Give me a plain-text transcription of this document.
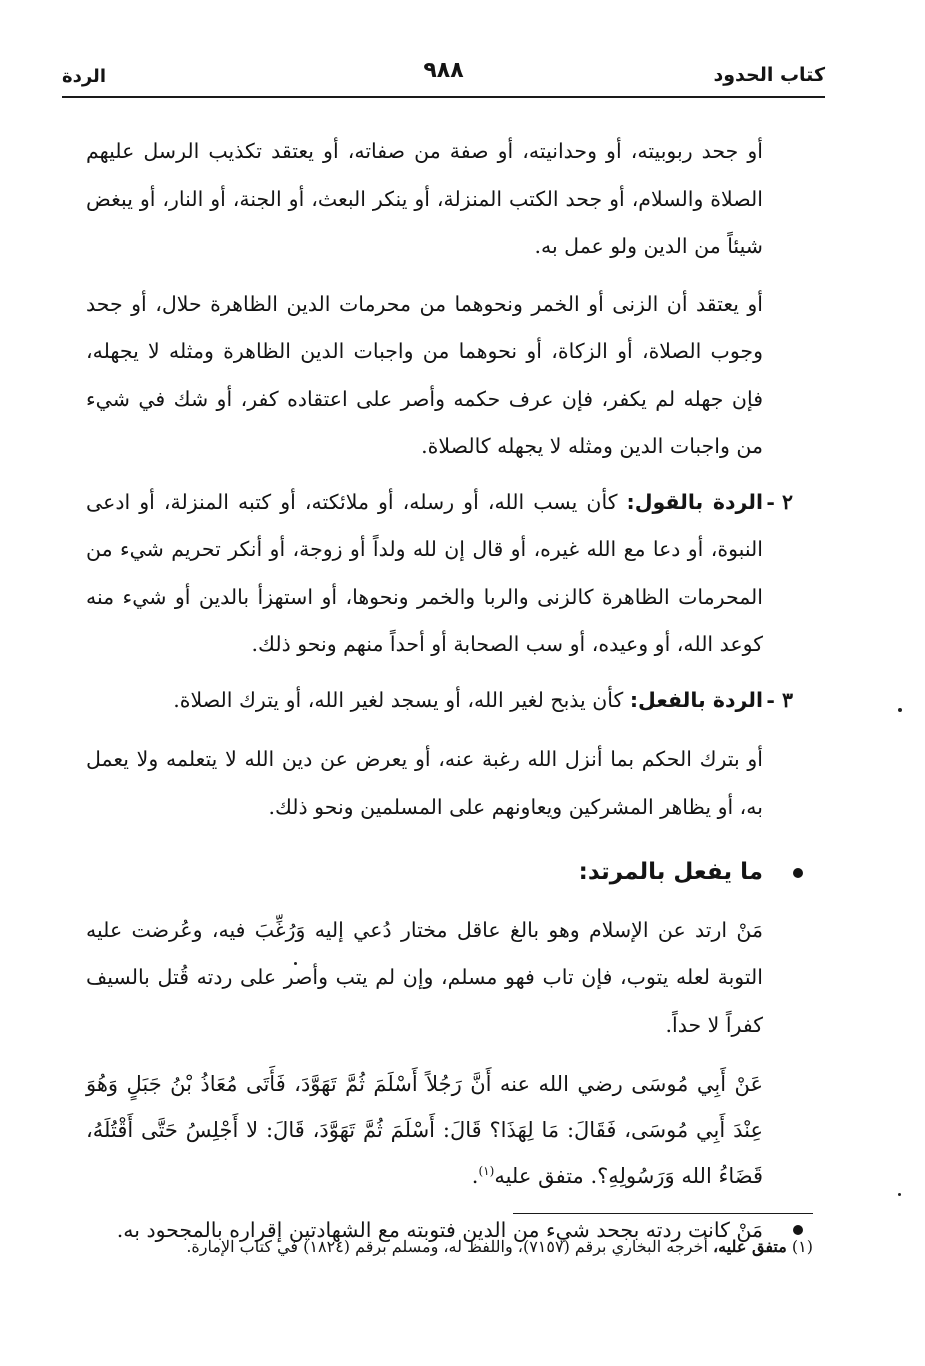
كتاب الحدود
٩٨٨
الردة

أو جحد ربوبيته، أو وحدانيته، أو صفة من صفاته، أو يعتقد تكذيب الرسل عليهم الصلاة والسلام، أو جحد الكتب المنزلة، أو ينكر البعث، أو الجنة، أو النار، أو يبغض شيئاً من الدين ولو عمل به.

أو يعتقد أن الزنى أو الخمر ونحوهما من محرمات الدين الظاهرة حلال، أو جحد وجوب الصلاة، أو الزكاة، أو نحوهما من واجبات الدين الظاهرة ومثله لا يجهله، فإن جهله لم يكفر، فإن عرف حكمه وأصر على اعتقاده كفر، أو شك في شيء من واجبات الدين ومثله لا يجهله كالصلاة.

٢ -
الردة بالقول: كأن يسب الله، أو رسله، أو ملائكته، أو كتبه المنزلة، أو ادعى النبوة، أو دعا مع الله غيره، أو قال إن لله ولداً أو زوجة، أو أنكر تحريم شيء من المحرمات الظاهرة كالزنى والربا والخمر ونحوها، أو استهزأ بالدين أو شيء منه كوعد الله، أو وعيده، أو سب الصحابة أو أحداً منهم ونحو ذلك.

٣ -
الردة بالفعل: كأن يذبح لغير الله، أو يسجد لغير الله، أو يترك الصلاة.

أو بترك الحكم بما أنزل الله رغبة عنه، أو يعرض عن دين الله لا يتعلمه ولا يعمل به، أو يظاهر المشركين ويعاونهم على المسلمين ونحو ذلك.

ما يفعل بالمرتد:

مَنْ ارتد عن الإسلام وهو بالغ عاقل مختار دُعي إليه وَرُغِّبَ فيه، وعُرضت عليه التوبة لعله يتوب، فإن تاب فهو مسلم، وإن لم يتب وأصر على ردته قُتل بالسيف كفراً لا حداً.

عَنْ أَبِي مُوسَى رضي الله عنه أَنَّ رَجُلاً أَسْلَمَ ثُمَّ تَهَوَّدَ، فَأَتَى مُعَاذُ بْنُ جَبَلٍ وَهُوَ عِنْدَ أَبِي مُوسَى، فَقَالَ: مَا لِهَذَا؟ قَالَ: أَسْلَمَ ثُمَّ تَهَوَّدَ، قَالَ: لا أَجْلِسُ حَتَّى أَقْتُلَهُ، قَضَاءُ الله وَرَسُولِهِ؟. متفق عليه$^{(١)}$.

مَنْ كانت ردته بجحد شيء من الدين فتوبته مع الشهادتين إقراره بالمجحود به.

(١) متفق عليه، أخرجه البخاري برقم (٧١٥٧)، واللفظ له، ومسلم برقم (١٨٢٤) في كتاب الإمارة.
